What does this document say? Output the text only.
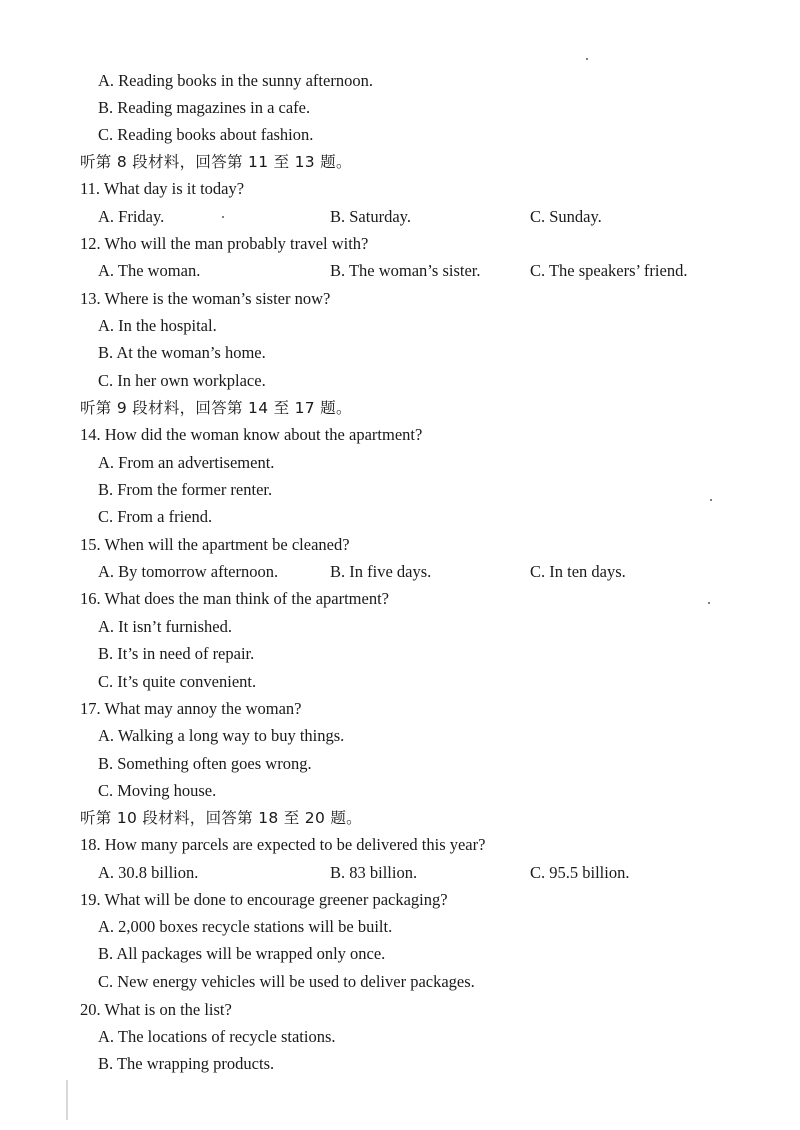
A. Reading books in the sunny afternoon.
B. Reading magazines in a cafe.
C. Reading books about fashion.
听第 8 段材料，回答第 11 至 13 题。
11. What day is it today?
A. Friday.	B. Saturday.	C. Sunday.
12. Who will the man probably travel with?
A. The woman.	B. The woman’s sister.	C. The speakers’ friend.
13. Where is the woman’s sister now?
A. In the hospital.
B. At the woman’s home.
C. In her own workplace.
听第 9 段材料，回答第 14 至 17 题。
14. How did the woman know about the apartment?
A. From an advertisement.
B. From the former renter.
C. From a friend.
15. When will the apartment be cleaned?
A. By tomorrow afternoon.	B. In five days.	C. In ten days.
16. What does the man think of the apartment?
A. It isn’t furnished.
B. It’s in need of repair.
C. It’s quite convenient.
17. What may annoy the woman?
A. Walking a long way to buy things.
B. Something often goes wrong.
C. Moving house.
听第 10 段材料，回答第 18 至 20 题。
18. How many parcels are expected to be delivered this year?
A. 30.8 billion.	B. 83 billion.	C. 95.5 billion.
19. What will be done to encourage greener packaging?
A. 2,000 boxes recycle stations will be built.
B. All packages will be wrapped only once.
C. New energy vehicles will be used to deliver packages.
20. What is on the list?
A. The locations of recycle stations.
B. The wrapping products.
